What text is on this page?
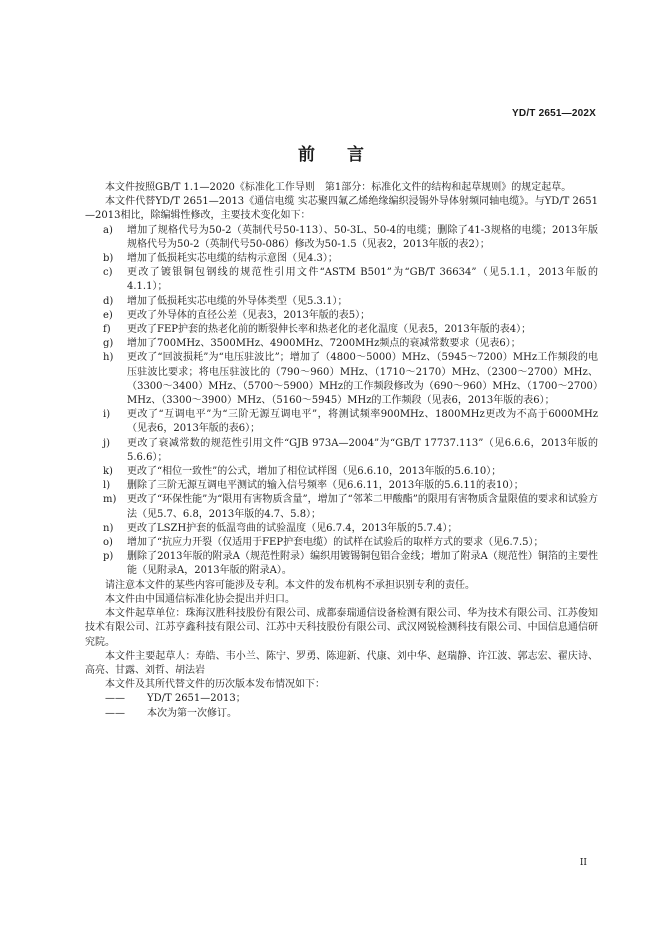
YD/T 2651—202X
前 言

本文件按照GB/T 1.1—2020《标准化工作导则　第1部分：标准化文件的结构和起草规则》的规定起草。

本文件代替YD/T 2651—2013《通信电缆 实芯聚四氟乙烯绝缘编织浸锡外导体射频同轴电缆》。与YD/T 2651—2013相比，除编辑性修改，主要技术变化如下：

a)	增加了规格代号为50-2（英制代号50-113）、50-3L、50-4的电缆；删除了41-3规格的电缆；2013年版规格代号为50-2（英制代号50-086）修改为50-1.5（见表2，2013年版的表2）；
b)	增加了低损耗实芯电缆的结构示意图（见4.3）；
c)	更改了镀银铜包钢线的规范性引用文件“ASTM B501”为“GB/T 36634”（见5.1.1，2013年版的4.1.1）；
d)	增加了低损耗实芯电缆的外导体类型（见5.3.1）；
e)	更改了外导体的直径公差（见表3，2013年版的表5）；
f)	更改了FEP护套的热老化前的断裂伸长率和热老化的老化温度（见表5，2013年版的表4）；
g)	增加了700MHz、3500MHz、4900MHz、7200MHz频点的衰减常数要求（见表6）；
h)	更改了“回波损耗”为“电压驻波比”；增加了（4800～5000）MHz、（5945～7200）MHz工作频段的电压驻波比要求；将电压驻波比的（790～960）MHz、（1710～2170）MHz、（2300～2700）MHz、（3300～3400）MHz、（5700～5900）MHz的工作频段修改为（690～960）MHz、（1700～2700）MHz、（3300～3900）MHz、（5160～5945）MHz的工作频段（见表6，2013年版的表6）；
i)	更改了“互调电平”为“三阶无源互调电平”，将测试频率900MHz、1800MHz更改为不高于6000MHz（见表6，2013年版的表6）；
j)	更改了衰减常数的规范性引用文件“GJB 973A—2004”为“GB/T 17737.113”（见6.6.6，2013年版的5.6.6）；
k)	更改了“相位一致性”的公式，增加了相位试样图（见6.6.10，2013年版的5.6.10）；
l)	删除了三阶无源互调电平测试的输入信号频率（见6.6.11，2013年版的5.6.11的表10）；
m)	更改了“环保性能”为“限用有害物质含量”，增加了“邻苯二甲酸酯”的限用有害物质含量限值的要求和试验方法（见5.7、6.8，2013年版的4.7、5.8）；
n)	更改了LSZH护套的低温弯曲的试验温度（见6.7.4，2013年版的5.7.4）；
o)	增加了“抗应力开裂（仅适用于FEP护套电缆）的试样在试验后的取样方式的要求（见6.7.5）；
p)	删除了2013年版的附录A（规范性附录）编织用镀锡铜包铝合金线；增加了附录A（规范性）铜箔的主要性能（见附录A，2013年版的附录A）。

请注意本文件的某些内容可能涉及专利。本文件的发布机构不承担识别专利的责任。

本文件由中国通信标准化协会提出并归口。

本文件起草单位：珠海汉胜科技股份有限公司、成都泰瑞通信设备检测有限公司、华为技术有限公司、江苏俊知技术有限公司、江苏亨鑫科技有限公司、江苏中天科技股份有限公司、武汉网锐检测科技有限公司、中国信息通信研究院。

本文件主要起草人：寿皓、韦小兰、陈宁、罗勇、陈迎新、代康、刘中华、赵瑞静、许江波、郭志宏、翟庆诗、高亮、甘露、刘哲、胡法岩

本文件及其所代替文件的历次版本发布情况如下：

——	YD/T 2651—2013；
——	本次为第一次修订。
II
